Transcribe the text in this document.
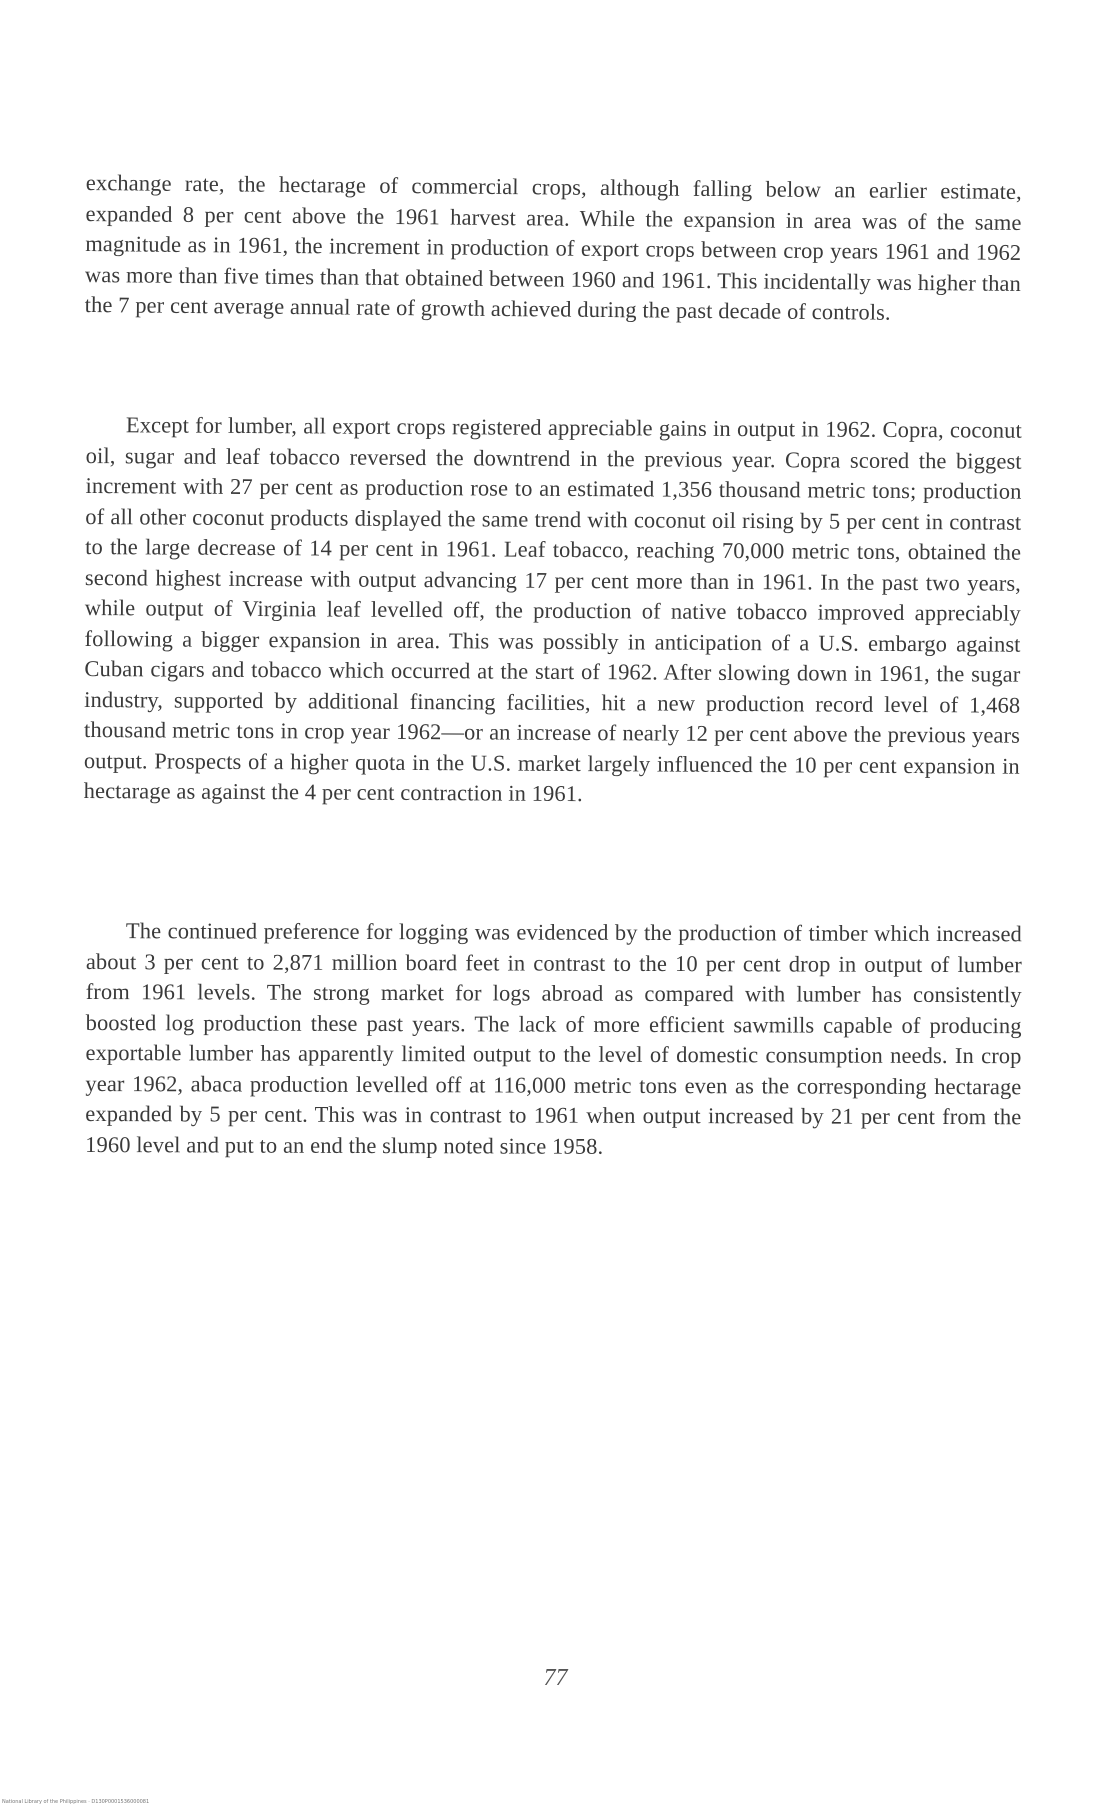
exchange rate, the hectarage of commercial crops, although falling below an earlier estimate, expanded 8 per cent above the 1961 harvest area. While the expansion in area was of the same magnitude as in 1961, the increment in production of export crops between crop years 1961 and 1962 was more than five times than that obtained between 1960 and 1961. This incidentally was higher than the 7 per cent average annual rate of growth achieved during the past decade of controls.

Except for lumber, all export crops registered appreciable gains in output in 1962. Copra, coconut oil, sugar and leaf tobacco reversed the downtrend in the previous year. Copra scored the biggest increment with 27 per cent as production rose to an estimated 1,356 thousand metric tons; production of all other coconut products displayed the same trend with coconut oil rising by 5 per cent in contrast to the large decrease of 14 per cent in 1961. Leaf tobacco, reaching 70,000 metric tons, obtained the second highest increase with output advancing 17 per cent more than in 1961. In the past two years, while output of Virginia leaf levelled off, the production of native tobacco improved appreciably following a bigger expansion in area. This was possibly in anticipation of a U.S. embargo against Cuban cigars and tobacco which occurred at the start of 1962. After slowing down in 1961, the sugar industry, supported by additional financing facilities, hit a new production record level of 1,468 thousand metric tons in crop year 1962—or an increase of nearly 12 per cent above the previous years output. Prospects of a higher quota in the U.S. market largely influenced the 10 per cent expansion in hectarage as against the 4 per cent contraction in 1961.

The continued preference for logging was evidenced by the production of timber which increased about 3 per cent to 2,871 million board feet in contrast to the 10 per cent drop in output of lumber from 1961 levels. The strong market for logs abroad as compared with lumber has consistently boosted log production these past years. The lack of more efficient sawmills capable of producing exportable lumber has apparently limited output to the level of domestic consumption needs. In crop year 1962, abaca production levelled off at 116,000 metric tons even as the corresponding hectarage expanded by 5 per cent. This was in contrast to 1961 when output increased by 21 per cent from the 1960 level and put to an end the slump noted since 1958.

77
National Library of the Philippines · D130P0001536000081
